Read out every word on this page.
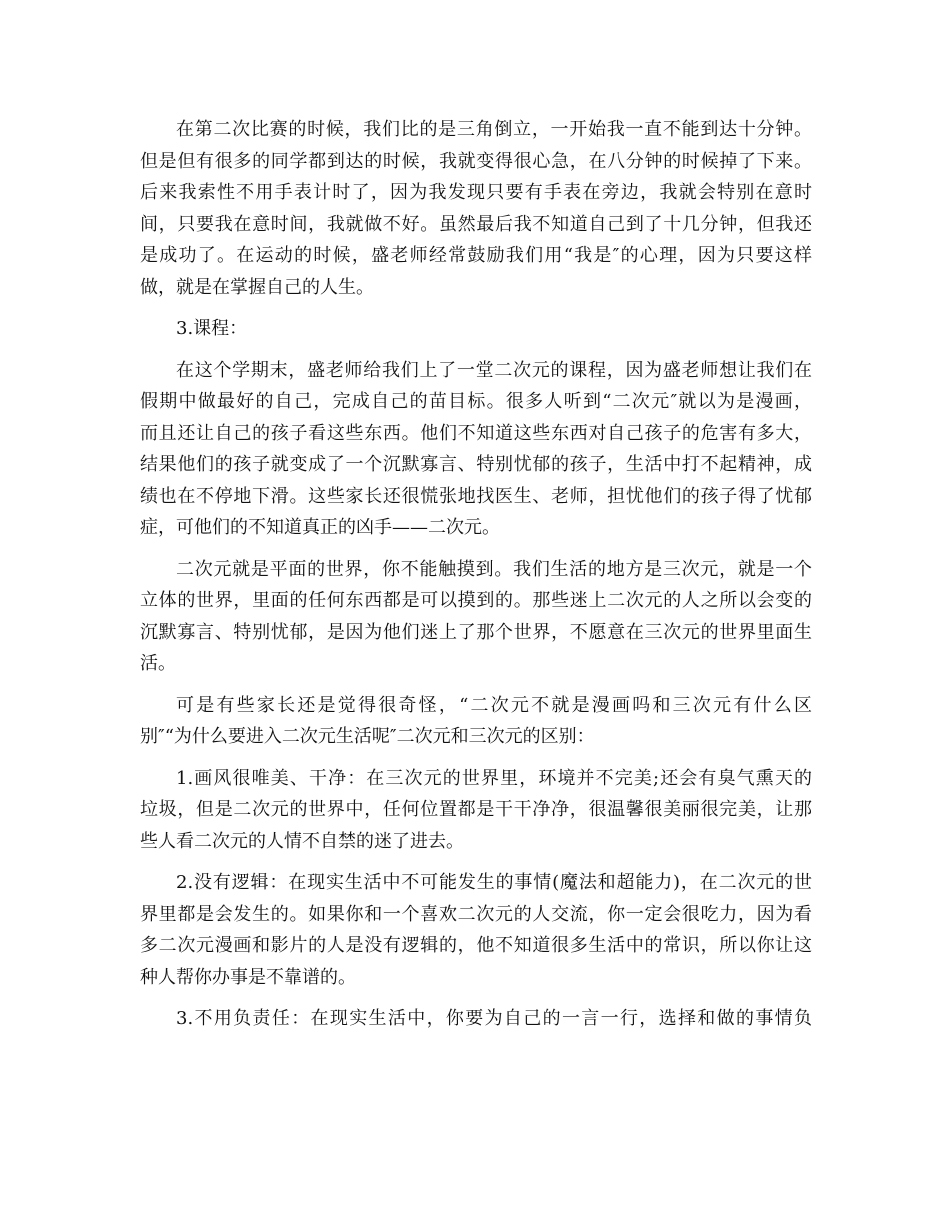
在第二次比赛的时候，我们比的是三角倒立，一开始我一直不能到达十分钟。
但是但有很多的同学都到达的时候，我就变得很心急，在八分钟的时候掉了下来。
后来我索性不用手表计时了，因为我发现只要有手表在旁边，我就会特别在意时
间，只要我在意时间，我就做不好。虽然最后我不知道自己到了十几分钟，但我还
是成功了。在运动的时候，盛老师经常鼓励我们用“我是″的心理，因为只要这样
做，就是在掌握自己的人生。

3.课程：

在这个学期末，盛老师给我们上了一堂二次元的课程，因为盛老师想让我们在
假期中做最好的自己，完成自己的苗目标。很多人听到“二次元″就以为是漫画，
而且还让自己的孩子看这些东西。他们不知道这些东西对自己孩子的危害有多大，
结果他们的孩子就变成了一个沉默寡言、特别忧郁的孩子，生活中打不起精神，成
绩也在不停地下滑。这些家长还很慌张地找医生、老师，担忧他们的孩子得了忧郁
症，可他们的不知道真正的凶手——二次元。

二次元就是平面的世界，你不能触摸到。我们生活的地方是三次元，就是一个
立体的世界，里面的任何东西都是可以摸到的。那些迷上二次元的人之所以会变的
沉默寡言、特别忧郁，是因为他们迷上了那个世界，不愿意在三次元的世界里面生
活。

可是有些家长还是觉得很奇怪，“二次元不就是漫画吗和三次元有什么区
别″“为什么要进入二次元生活呢″二次元和三次元的区别：

1.画风很唯美、干净：在三次元的世界里，环境并不完美;还会有臭气熏天的
垃圾，但是二次元的世界中，任何位置都是干干净净，很温馨很美丽很完美，让那
些人看二次元的人情不自禁的迷了进去。

2.没有逻辑：在现实生活中不可能发生的事情(魔法和超能力)，在二次元的世
界里都是会发生的。如果你和一个喜欢二次元的人交流，你一定会很吃力，因为看
多二次元漫画和影片的人是没有逻辑的，他不知道很多生活中的常识，所以你让这
种人帮你办事是不靠谱的。

3.不用负责任：在现实生活中，你要为自己的一言一行，选择和做的事情负
